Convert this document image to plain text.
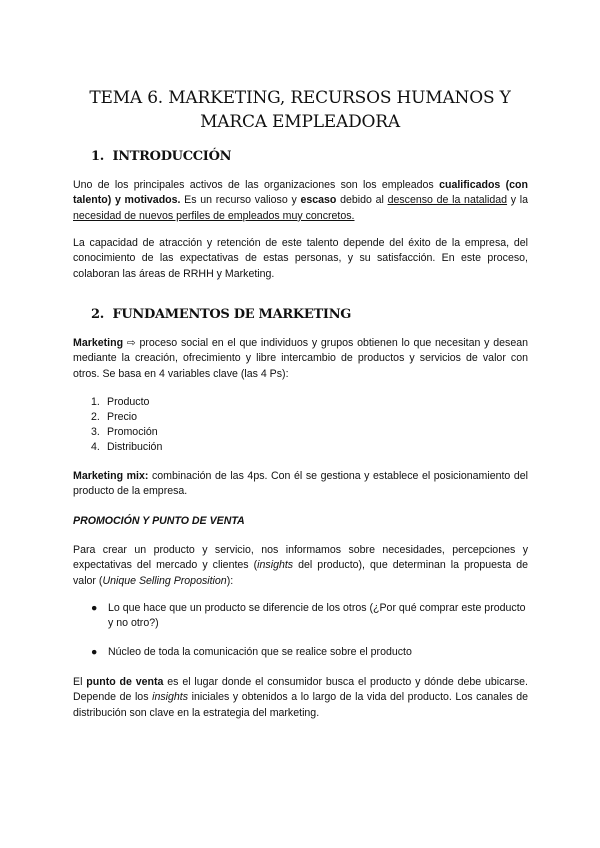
TEMA 6. MARKETING, RECURSOS HUMANOS Y
MARCA EMPLEADORA
1. INTRODUCCIÓN
Uno de los principales activos de las organizaciones son los empleados cualificados (con talento) y motivados. Es un recurso valioso y escaso debido al descenso de la natalidad y la necesidad de nuevos perfiles de empleados muy concretos.
La capacidad de atracción y retención de este talento depende del éxito de la empresa, del conocimiento de las expectativas de estas personas, y su satisfacción. En este proceso, colaboran las áreas de RRHH y Marketing.
2. FUNDAMENTOS DE MARKETING
Marketing ⇨ proceso social en el que individuos y grupos obtienen lo que necesitan y desean mediante la creación, ofrecimiento y libre intercambio de productos y servicios de valor con otros. Se basa en 4 variables clave (las 4 Ps):
1. Producto
2. Precio
3. Promoción
4. Distribución
Marketing mix: combinación de las 4ps. Con él se gestiona y establece el posicionamiento del producto de la empresa.
PROMOCIÓN Y PUNTO DE VENTA
Para crear un producto y servicio, nos informamos sobre necesidades, percepciones y expectativas del mercado y clientes (insights del producto), que determinan la propuesta de valor (Unique Selling Proposition):
● Lo que hace que un producto se diferencie de los otros (¿Por qué comprar este producto y no otro?)
● Núcleo de toda la comunicación que se realice sobre el producto
El punto de venta es el lugar donde el consumidor busca el producto y dónde debe ubicarse. Depende de los insights iniciales y obtenidos a lo largo de la vida del producto. Los canales de distribución son clave en la estrategia del marketing.
